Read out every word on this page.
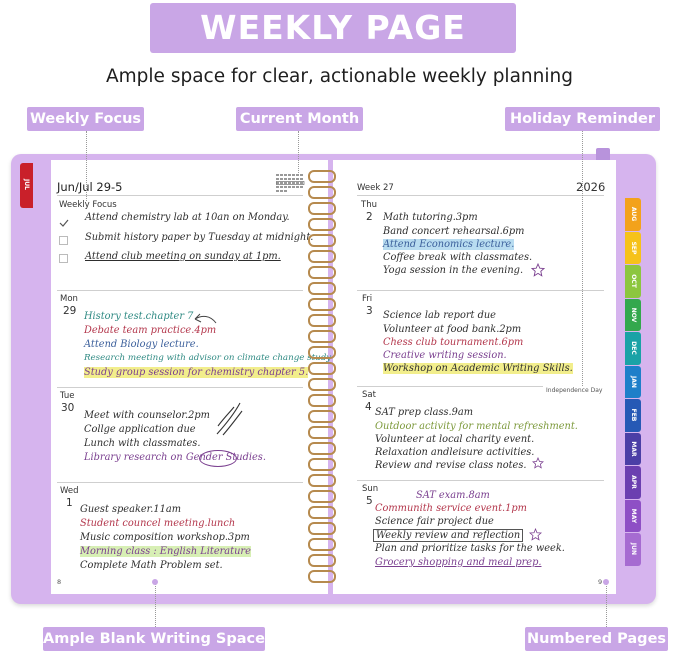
WEEKLY PAGE
Ample space for clear, actionable weekly planning
Weekly Focus	Current Month	Holiday Reminder
JUL Jun/Jul 29-5
Weekly Focus
Attend chemistry lab at 10an on Monday.
Submit history paper by Tuesday at midnight.
Attend club meeting on sunday at 1pm.
Mon
29 History test.chapter 7
Debate team practice.4pm
Attend Biology lecture.
Research meeting with advisor on climate change study
Study group session for chemistry chapter 5.
Tue
30
Meet with counselor.2pm
Collge application due
Lunch with classmates.
Library research on Gender Studies.
Wed
1
Guest speaker.11am
Student councel meeting.lunch
Music composition workshop.3pm
Morning class : English Literature
Complete Math Problem set.
8
Week 27	2026
Thu
2 Math tutoring.3pm
Band concert rehearsal.6pm
Attend Economics lecture.
Coffee break with classmates.
Yoga session in the evening.
Fri
3 Science lab report due
Volunteer at food bank.2pm
Chess club tournament.6pm
Creative writing session.
Workshop on Academic Writing Skills.
Independence Day
Sat
4 SAT prep class.9am
Outdoor activity for mental refreshment.
Volunteer at local charity event.
Relaxation andleisure activities.
Review and revise class notes.
Sun
5	SAT exam.8am
Communith service event.1pm
Science fair project due
Weekly review and reflection
Plan and prioritize tasks for the week.
Grocery shopping and meal prep.
9
AUG
SEP
OCT
NOV
DEC
JAN
FEB
MAR
APR
MAY
JUN
Ample Blank Writing Space	Numbered Pages
